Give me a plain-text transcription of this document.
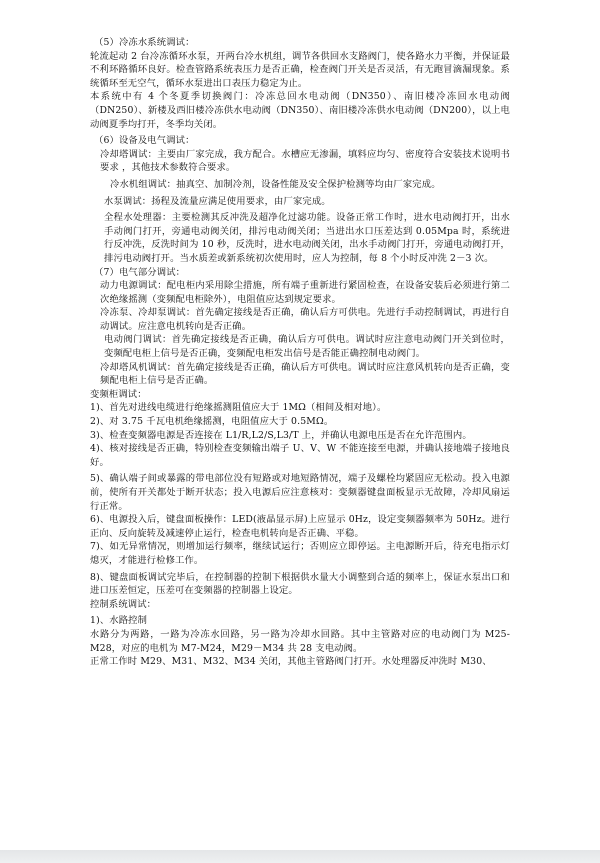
（5）冷冻水系统调试：

轮流起动 2 台冷冻循环水泵，开两台冷水机组，调节各供回水支路阀门，使各路水力平衡，并保证最不利环路循环良好。检查管路系统表压力是否正确，检查阀门开关是否灵活，有无跑冒滴漏现象。系统循环至无空气，循环水泵进出口表压力稳定为止。

本系统中有 4 个冬夏季切换阀门：冷冻总回水电动阀（DN350）、南旧楼冷冻回水电动阀（DN250）、新楼及西旧楼冷冻供水电动阀（DN350）、南旧楼冷冻供水电动阀（DN200），以上电动阀夏季均打开，冬季均关闭。

（6）设备及电气调试：

冷却塔调试：主要由厂家完成，我方配合。水槽应无渗漏，填料应均匀、密度符合安装技术说明书要求 ，其他技术参数符合要求。

冷水机组调试：抽真空、加制冷剂，设备性能及安全保护检测等均由厂家完成。

水泵调试：扬程及流量应满足使用要求，由厂家完成。

全程水处理器：主要检测其反冲洗及超净化过滤功能。设备正常工作时，进水电动阀打开，出水手动阀门打开，旁通电动阀关闭，排污电动阀关闭；当进出水口压差达到 0.05Mpa 时，系统进行反冲洗，反洗时间为 10 秒，反洗时，进水电动阀关闭，出水手动阀门打开，旁通电动阀打开，排污电动阀打开。当水质差或新系统初次使用时，应人为控制，每 8 个小时反冲洗 2－3 次。

（7）电气部分调试：

动力电源调试：配电柜内采用除尘措施，所有端子重新进行紧固检查，在设备安装后必须进行第二次绝缘摇测（变频配电柜除外），电阻值应达到规定要求。

冷冻泵、冷却泵调试：首先确定接线是否正确，确认后方可供电。先进行手动控制调试，再进行自动调试。应注意电机转向是否正确。

电动阀门调试：首先确定接线是否正确，确认后方可供电。调试时应注意电动阀门开关到位时，变频配电柜上信号是否正确，变频配电柜发出信号是否能正确控制电动阀门。

冷却塔风机调试：首先确定接线是否正确，确认后方可供电。调试时应注意风机转向是否正确，变频配电柜上信号是否正确。

变频柜调试：

1)、首先对进线电缆进行绝缘摇测阻值应大于 1MΩ（相间及相对地）。

2)、对 3.75 千瓦电机绝缘摇测，电阻值应大于 0.5MΩ。

3)、检查变频器电源是否连接在 L1/R,L2/S,L3/T 上，并确认电源电压是否在允许范围内。

4)、核对接线是否正确，特别检查变频输出端子 U、V、W 不能连接至电源，并确认接地端子接地良好。

5)、确认端子间或暴露的带电部位没有短路或对地短路情况，端子及螺栓均紧固应无松动。投入电源前，使所有开关都处于断开状态；投入电源后应注意核对：变频器键盘面板显示无故障，冷却风扇运行正常。

6)、电源投入后，键盘面板操作：LED(液晶显示屏)上应显示 0Hz，设定变频器频率为 50Hz。进行正向、反向旋转及减速停止运行，检查电机转向是否正确、平稳。

7)、如无异常情况，则增加运行频率，继续试运行；否则应立即停运。主电源断开后，待充电指示灯熄灭，才能进行检修工作。

8)、键盘面板调试完毕后，在控制器的控制下根据供水量大小调整到合适的频率上，保证水泵出口和进口压差恒定，压差可在变频器的控制器上设定。

控制系统调试：

1)、水路控制

水路分为两路，一路为冷冻水回路，另一路为冷却水回路。其中主管路对应的电动阀门为 M25-M28，对应的电机为 M7-M24，M29－M34 共 28 支电动阀。

正常工作时 M29、M31、M32、M34 关闭，其他主管路阀门打开。水处理器反冲洗时 M30、
